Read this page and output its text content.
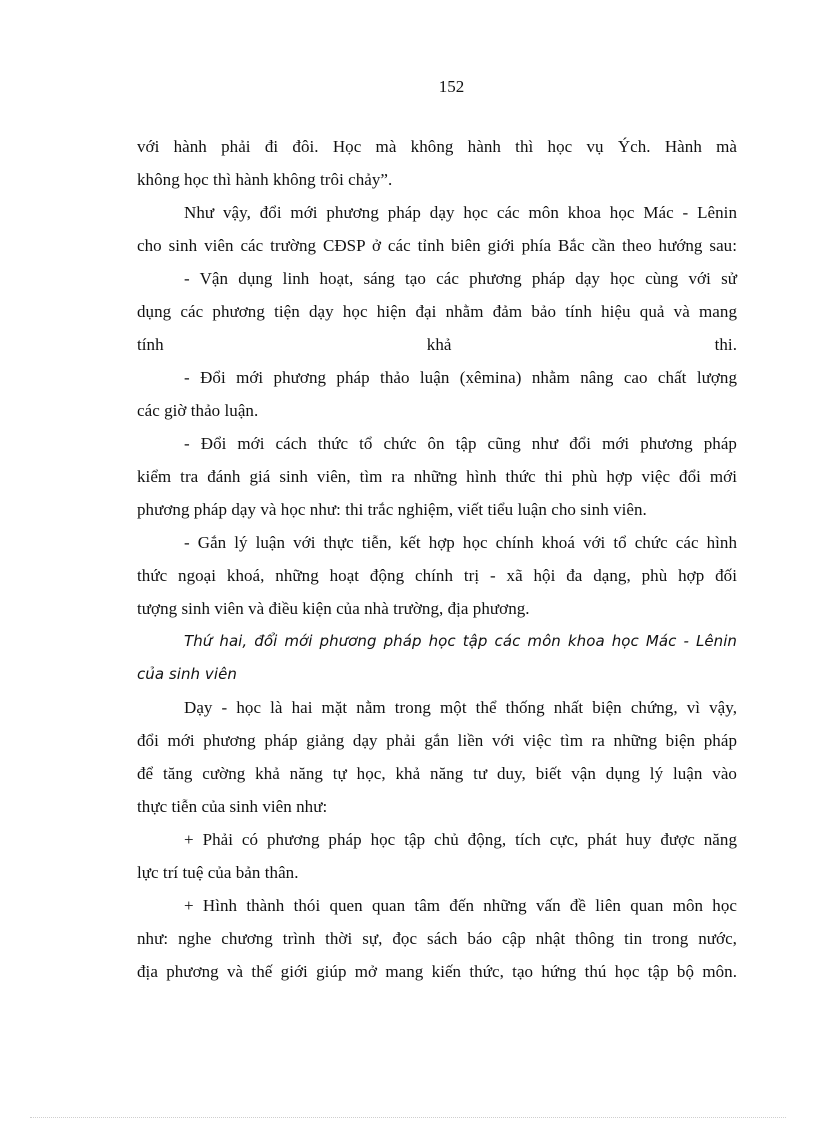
152
với hành phải đi đôi. Học mà không hành thì học vụ Ých. Hành mà
không học thì hành không trôi chảy”.
Như vậy, đổi mới phương pháp dạy học các môn khoa học Mác - Lênin
cho sinh viên các trường CĐSP ở các tỉnh biên giới phía Bắc cần theo hướng sau:
- Vận dụng linh hoạt, sáng tạo các phương pháp dạy học cùng với sử
dụng các phương tiện dạy học hiện đại nhằm đảm bảo tính hiệu quả và mang
tính khả thi.
- Đổi mới phương pháp thảo luận (xêmina) nhằm nâng cao chất lượng
các giờ thảo luận.
- Đổi mới cách thức tổ chức ôn tập cũng như đổi mới phương pháp
kiểm tra đánh giá sinh viên, tìm ra những hình thức thi phù hợp việc đổi mới
phương pháp dạy và học như: thi trắc nghiệm, viết tiểu luận cho sinh viên.
- Gắn lý luận với thực tiễn, kết hợp học chính khoá với tổ chức các hình
thức ngoại khoá, những hoạt động chính trị - xã hội đa dạng, phù hợp đối
tượng sinh viên và điều kiện của nhà trường, địa phương.
Thứ hai, đổi mới phương pháp học tập các môn khoa học Mác - Lênin
của sinh viên
Dạy - học là hai mặt nằm trong một thể thống nhất biện chứng, vì vậy,
đổi mới phương pháp giảng dạy phải gắn liền với việc tìm ra những biện pháp
để tăng cường khả năng tự học, khả năng tư duy, biết vận dụng lý luận vào
thực tiễn của sinh viên như:
+ Phải có phương pháp học tập chủ động, tích cực, phát huy được năng
lực trí tuệ của bản thân.
+ Hình thành thói quen quan tâm đến những vấn đề liên quan môn học
như: nghe chương trình thời sự, đọc sách báo cập nhật thông tin trong nước,
địa phương và thế giới giúp mở mang kiến thức, tạo hứng thú học tập bộ môn.
